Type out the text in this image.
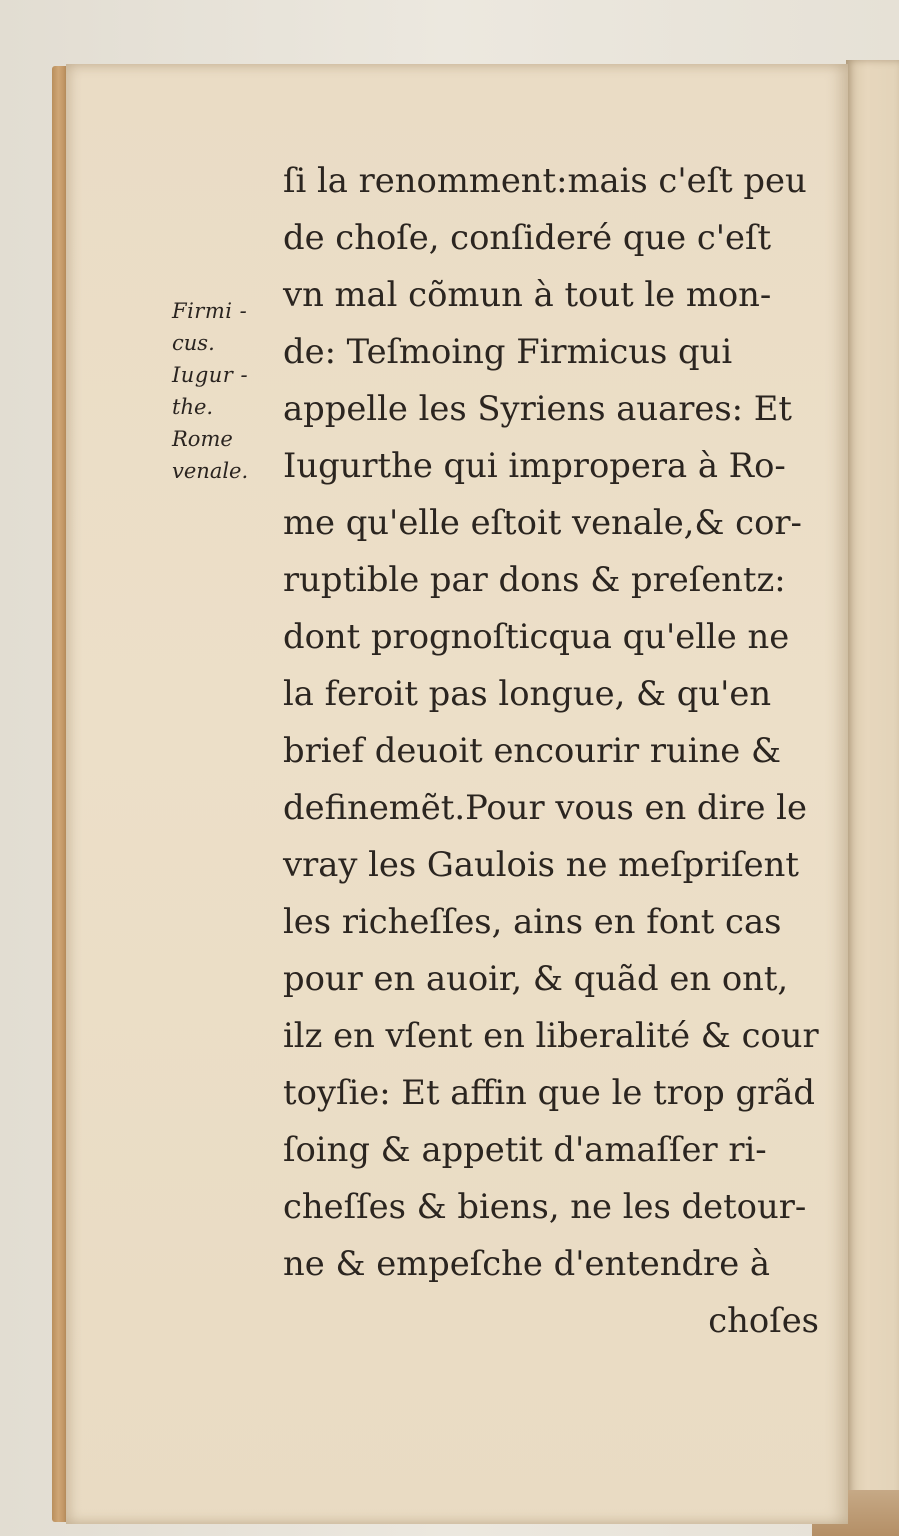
Firmi -
cus.
Iugur -
the.
Rome
venale.
ſi la renomment:mais c'eſt peu
de choſe, conſideré que c'eſt
vn mal cõmun à tout le mon-
de: Teſmoing Firmicus qui
appelle les Syriens auares: Et
Iugurthe qui impropera à Ro-
me qu'elle eſtoit venale,& cor-
ruptible par dons & preſentz:
dont prognoſticqua qu'elle ne
la feroit pas longue, & qu'en
brief deuoit encourir ruine &
definemẽt.Pour vous en dire le
vray les Gaulois ne meſpriſent
les richeſſes, ains en font cas
pour en auoir, & quãd en ont,
ilz en vſent en liberalité & cour
toyſie: Et affin que le trop grãd
ſoing & appetit d'amaſſer ri-
cheſſes & biens, ne les detour-
ne & empeſche d'entendre à
choſes
